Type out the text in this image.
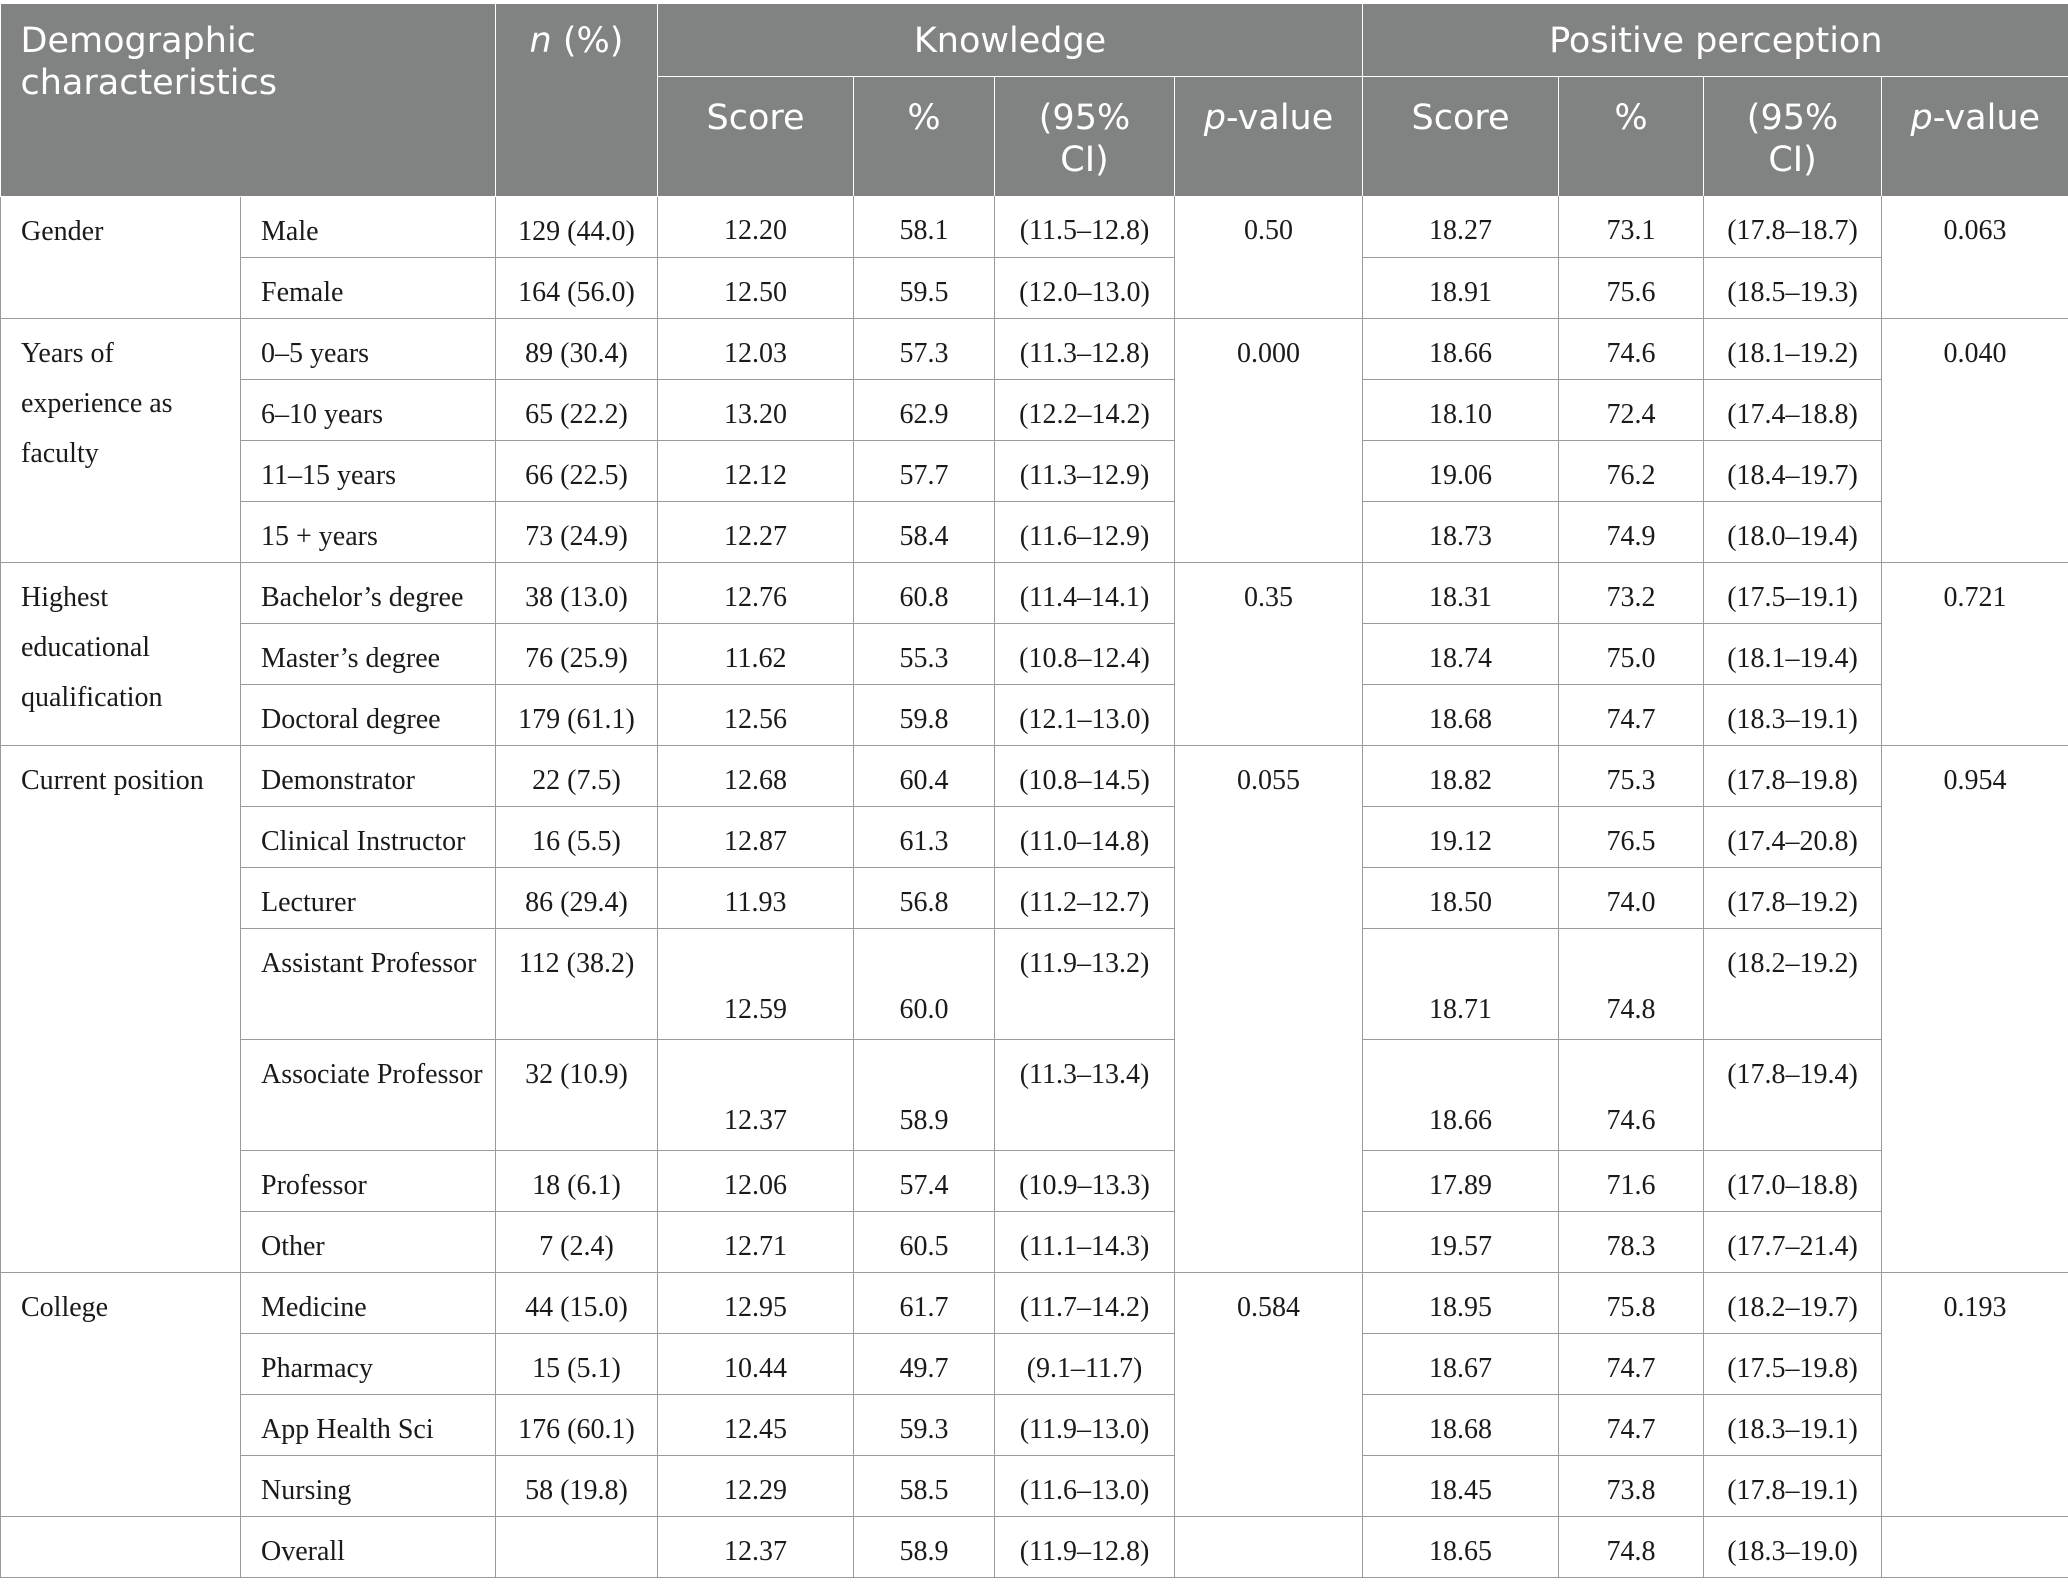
Demographic characteristics		n (%)	Knowledge				Positive perception			
			Score	%	(95% CI)	p-value	Score	%	(95% CI)	p-value
Gender	Male	129 (44.0)	12.20	58.1	(11.5–12.8)	0.50	18.27	73.1	(17.8–18.7)	0.063
	Female	164 (56.0)	12.50	59.5	(12.0–13.0)		18.91	75.6	(18.5–19.3)	
Years of experience as faculty	0–5 years	89 (30.4)	12.03	57.3	(11.3–12.8)	0.000	18.66	74.6	(18.1–19.2)	0.040
	6–10 years	65 (22.2)	13.20	62.9	(12.2–14.2)		18.10	72.4	(17.4–18.8)	
	11–15 years	66 (22.5)	12.12	57.7	(11.3–12.9)		19.06	76.2	(18.4–19.7)	
	15 + years	73 (24.9)	12.27	58.4	(11.6–12.9)		18.73	74.9	(18.0–19.4)	
Highest educational qualification	Bachelor’s degree	38 (13.0)	12.76	60.8	(11.4–14.1)	0.35	18.31	73.2	(17.5–19.1)	0.721
	Master’s degree	76 (25.9)	11.62	55.3	(10.8–12.4)		18.74	75.0	(18.1–19.4)	
	Doctoral degree	179 (61.1)	12.56	59.8	(12.1–13.0)		18.68	74.7	(18.3–19.1)	
Current position	Demonstrator	22 (7.5)	12.68	60.4	(10.8–14.5)	0.055	18.82	75.3	(17.8–19.8)	0.954
	Clinical Instructor	16 (5.5)	12.87	61.3	(11.0–14.8)		19.12	76.5	(17.4–20.8)	
	Lecturer	86 (29.4)	11.93	56.8	(11.2–12.7)		18.50	74.0	(17.8–19.2)	
	Assistant Professor	112 (38.2)	12.59	60.0	(11.9–13.2)		18.71	74.8	(18.2–19.2)	
	Associate Professor	32 (10.9)	12.37	58.9	(11.3–13.4)		18.66	74.6	(17.8–19.4)	
	Professor	18 (6.1)	12.06	57.4	(10.9–13.3)		17.89	71.6	(17.0–18.8)	
	Other	7 (2.4)	12.71	60.5	(11.1–14.3)		19.57	78.3	(17.7–21.4)	
College	Medicine	44 (15.0)	12.95	61.7	(11.7–14.2)	0.584	18.95	75.8	(18.2–19.7)	0.193
	Pharmacy	15 (5.1)	10.44	49.7	(9.1–11.7)		18.67	74.7	(17.5–19.8)	
	App Health Sci	176 (60.1)	12.45	59.3	(11.9–13.0)		18.68	74.7	(18.3–19.1)	
	Nursing	58 (19.8)	12.29	58.5	(11.6–13.0)		18.45	73.8	(17.8–19.1)	
	Overall		12.37	58.9	(11.9–12.8)		18.65	74.8	(18.3–19.0)	
